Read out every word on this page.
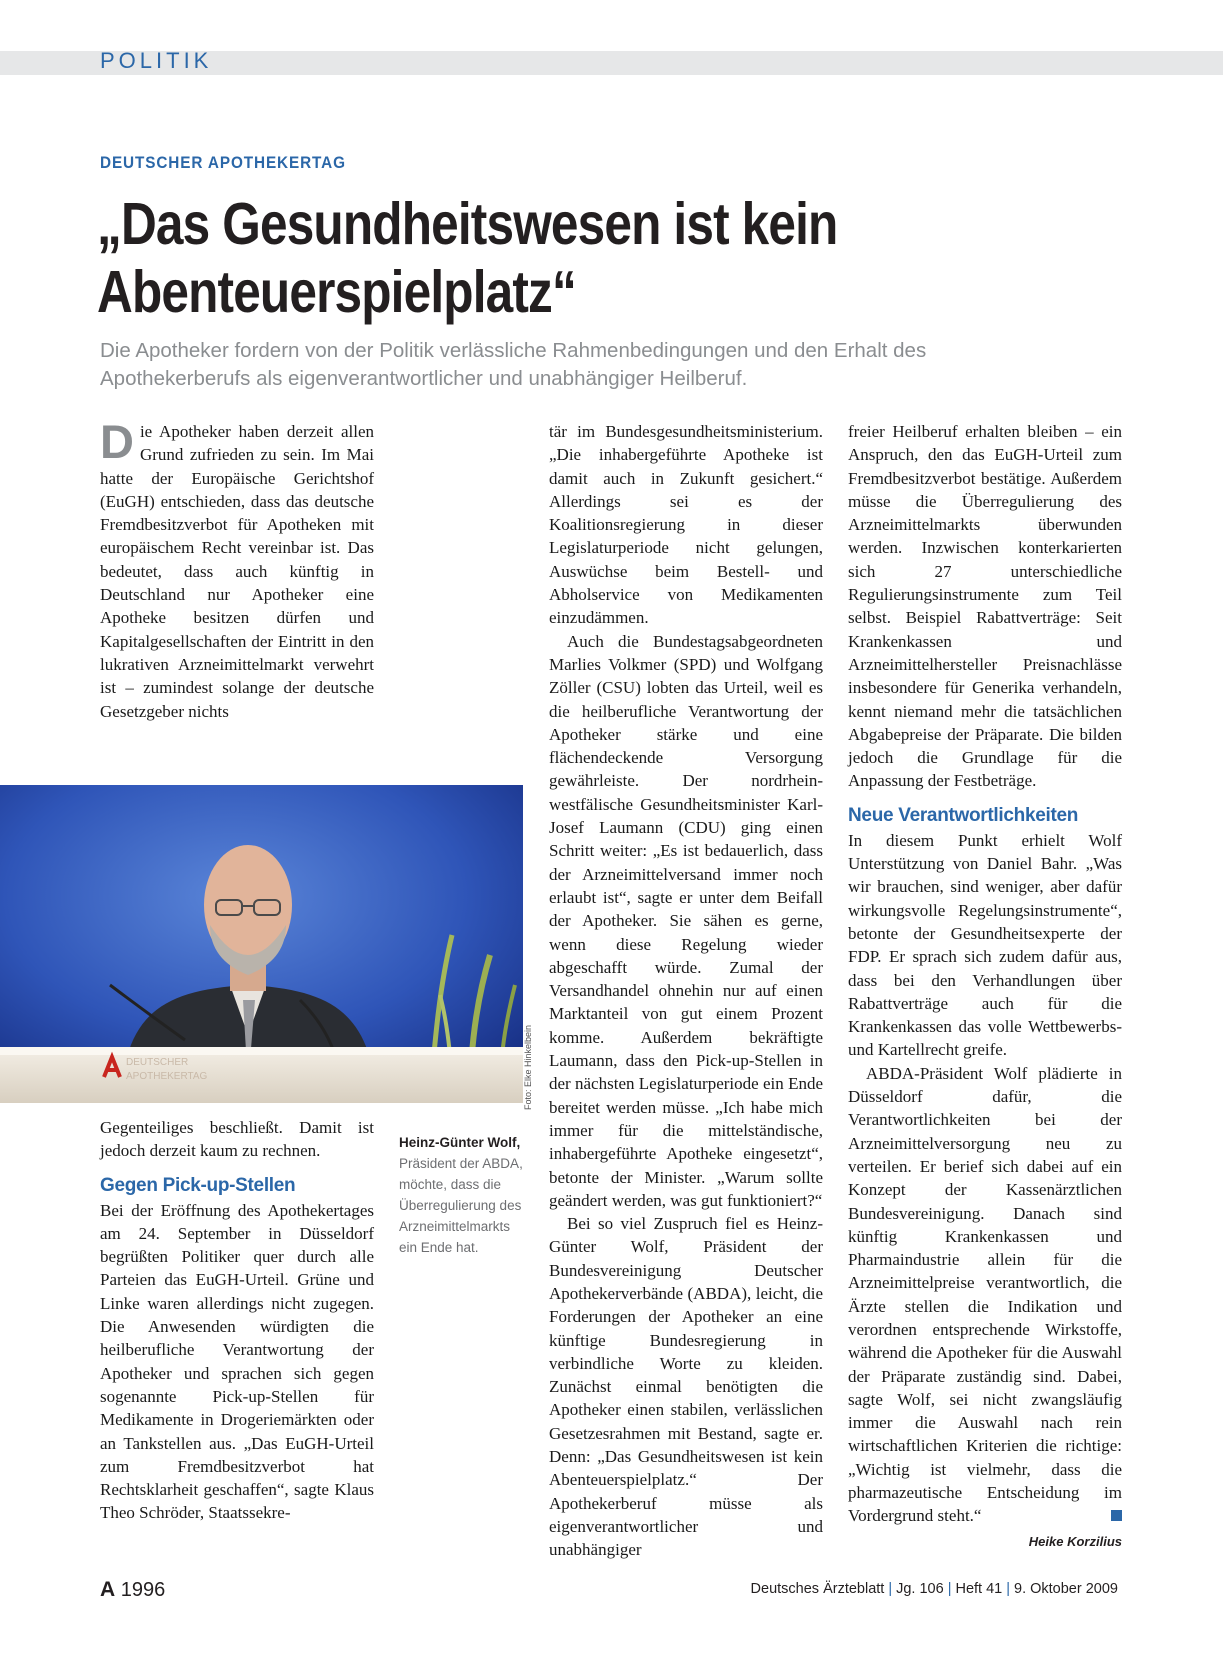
POLITIK
DEUTSCHER APOTHEKERTAG
„Das Gesundheitswesen ist kein
Abenteuerspielplatz“
Die Apotheker fordern von der Politik verlässliche Rahmenbedingungen und den Erhalt des Apothekerberufs als eigenverantwortlicher und unabhängiger Heilberuf.

Die Apotheker haben derzeit allen Grund zufrieden zu sein. Im Mai hatte der Europäische Gerichtshof (EuGH) entschieden, dass das deutsche Fremdbesitzverbot für Apotheken mit europäischem Recht vereinbar ist. Das bedeutet, dass auch künftig in Deutschland nur Apotheker eine Apotheke besitzen dürfen und Kapitalgesellschaften der Eintritt in den lukrativen Arzneimittelmarkt verwehrt ist – zumindest solange der deutsche Gesetzgeber nichts

DEUTSCHER
APOTHEKERTAG	Foto: Elke Hinkelbein

Gegenteiliges beschließt. Damit ist jedoch derzeit kaum zu rechnen.

Gegen Pick-up-Stellen

Bei der Eröffnung des Apothekertages am 24. September in Düsseldorf begrüßten Politiker quer durch alle Parteien das EuGH-Urteil. Grüne und Linke waren allerdings nicht zugegen. Die Anwesenden würdigten die heilberufliche Verantwortung der Apotheker und sprachen sich gegen sogenannte Pick-up-Stellen für Medikamente in Drogeriemärkten oder an Tankstellen aus. „Das EuGH-Urteil zum Fremdbesitzverbot hat Rechtsklarheit geschaffen“, sagte Klaus Theo Schröder, Staatssekre-

Heinz-Günter Wolf, Präsident der ABDA, möchte, dass die Überregulierung des Arzneimittelmarkts ein Ende hat.

tär im Bundesgesundheitsministerium. „Die inhabergeführte Apotheke ist damit auch in Zukunft gesichert.“ Allerdings sei es der Koalitionsregierung in dieser Legislaturperiode nicht gelungen, Auswüchse beim Bestell- und Abholservice von Medikamenten einzudämmen.

Auch die Bundestagsabgeordneten Marlies Volkmer (SPD) und Wolfgang Zöller (CSU) lobten das Urteil, weil es die heilberufliche Verantwortung der Apotheker stärke und eine flächendeckende Versorgung gewährleiste. Der nordrhein-westfälische Gesundheitsminister Karl-Josef Laumann (CDU) ging einen Schritt weiter: „Es ist bedauerlich, dass der Arzneimittelversand immer noch erlaubt ist“, sagte er unter dem Beifall der Apotheker. Sie sähen es gerne, wenn diese Regelung wieder abgeschafft würde. Zumal der Versandhandel ohnehin nur auf einen Marktanteil von gut einem Prozent komme. Außerdem bekräftigte Laumann, dass den Pick-up-Stellen in der nächsten Legislaturperiode ein Ende bereitet werden müsse. „Ich habe mich immer für die mittelständische, inhabergeführte Apotheke eingesetzt“, betonte der Minister. „Warum sollte geändert werden, was gut funktioniert?“

Bei so viel Zuspruch fiel es Heinz-Günter Wolf, Präsident der Bundesvereinigung Deutscher Apothekerverbände (ABDA), leicht, die Forderungen der Apotheker an eine künftige Bundesregierung in verbindliche Worte zu kleiden. Zunächst einmal benötigten die Apotheker einen stabilen, verlässlichen Gesetzesrahmen mit Bestand, sagte er. Denn: „Das Gesundheitswesen ist kein Abenteuerspielplatz.“ Der Apothekerberuf müsse als eigenverantwortlicher und unabhängiger

freier Heilberuf erhalten bleiben – ein Anspruch, den das EuGH-Urteil zum Fremdbesitzverbot bestätige. Außerdem müsse die Überregulierung des Arzneimittelmarkts überwunden werden. Inzwischen konterkarierten sich 27 unterschiedliche Regulierungsinstrumente zum Teil selbst. Beispiel Rabattverträge: Seit Krankenkassen und Arzneimittelhersteller Preisnachlässe insbesondere für Generika verhandeln, kennt niemand mehr die tatsächlichen Abgabepreise der Präparate. Die bilden jedoch die Grundlage für die Anpassung der Festbeträge.

Neue Verantwortlichkeiten

In diesem Punkt erhielt Wolf Unterstützung von Daniel Bahr. „Was wir brauchen, sind weniger, aber dafür wirkungsvolle Regelungsinstrumente“, betonte der Gesundheitsexperte der FDP. Er sprach sich zudem dafür aus, dass bei den Verhandlungen über Rabattverträge auch für die Krankenkassen das volle Wettbewerbs- und Kartellrecht greife.

ABDA-Präsident Wolf plädierte in Düsseldorf dafür, die Verantwortlichkeiten bei der Arzneimittelversorgung neu zu verteilen. Er berief sich dabei auf ein Konzept der Kassenärztlichen Bundesvereinigung. Danach sind künftig Krankenkassen und Pharmaindustrie allein für die Arzneimittelpreise verantwortlich, die Ärzte stellen die Indikation und verordnen entsprechende Wirkstoffe, während die Apotheker für die Auswahl der Präparate zuständig sind. Dabei, sagte Wolf, sei nicht zwangsläufig immer die Auswahl nach rein wirtschaftlichen Kriterien die richtige: „Wichtig ist vielmehr, dass die pharmazeutische Entscheidung im Vordergrund steht.“

Heike Korzilius
A 1996	Deutsches Ärzteblatt | Jg. 106 | Heft 41 | 9. Oktober 2009
